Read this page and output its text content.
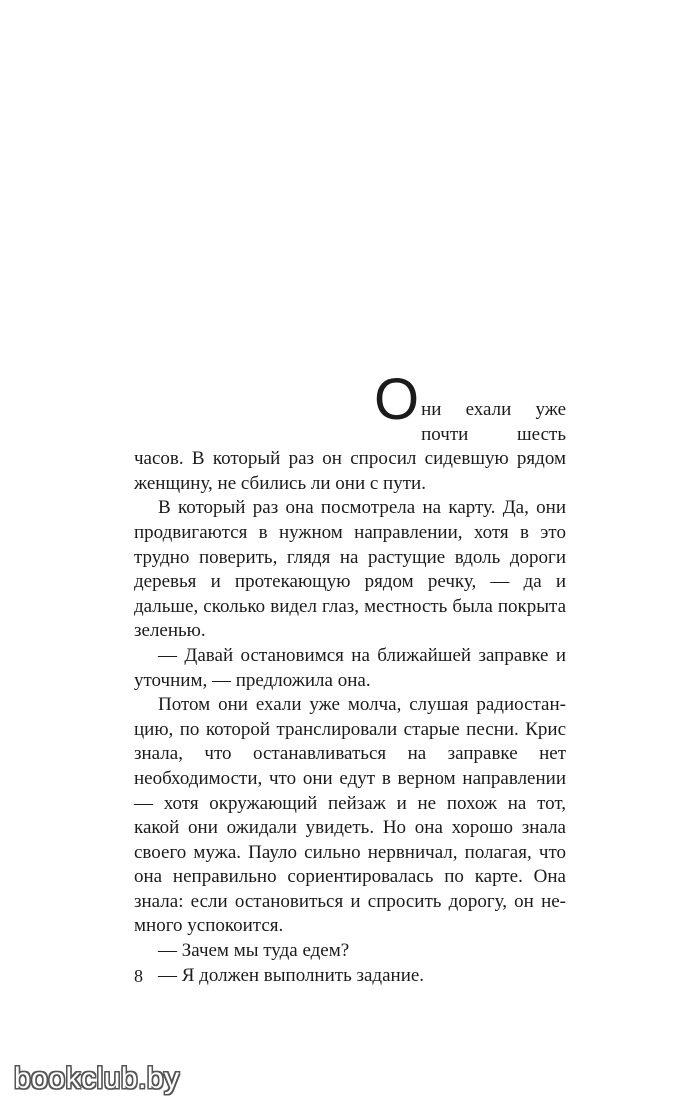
О ни ехали уже почти шесть часов. В который раз он спросил сидевшую рядом женщину, не сбились ли они с пути.

В который раз она посмотрела на карту. Да, они продвигаются в нужном направлении, хотя в это трудно поверить, глядя на растущие вдоль дороги деревья и протекающую рядом речку, — да и дальше, сколько видел глаз, местность была покрыта зеленью.

— Давай остановимся на ближайшей заправке и уточним, — предложила она.

Потом они ехали уже молча, слушая радиостанцию, по которой транслировали старые песни. Крис знала, что останавливаться на заправке нет необходимости, что они едут в верном направлении — хотя окружающий пейзаж и не похож на тот, какой они ожидали увидеть. Но она хорошо знала своего мужа. Пауло сильно нервничал, полагая, что она неправильно сориентировалась по карте. Она знала: если остановиться и спросить дорогу, он немного успокоится.

— Зачем мы туда едем?

— Я должен выполнить задание.

8
bookclub.by
